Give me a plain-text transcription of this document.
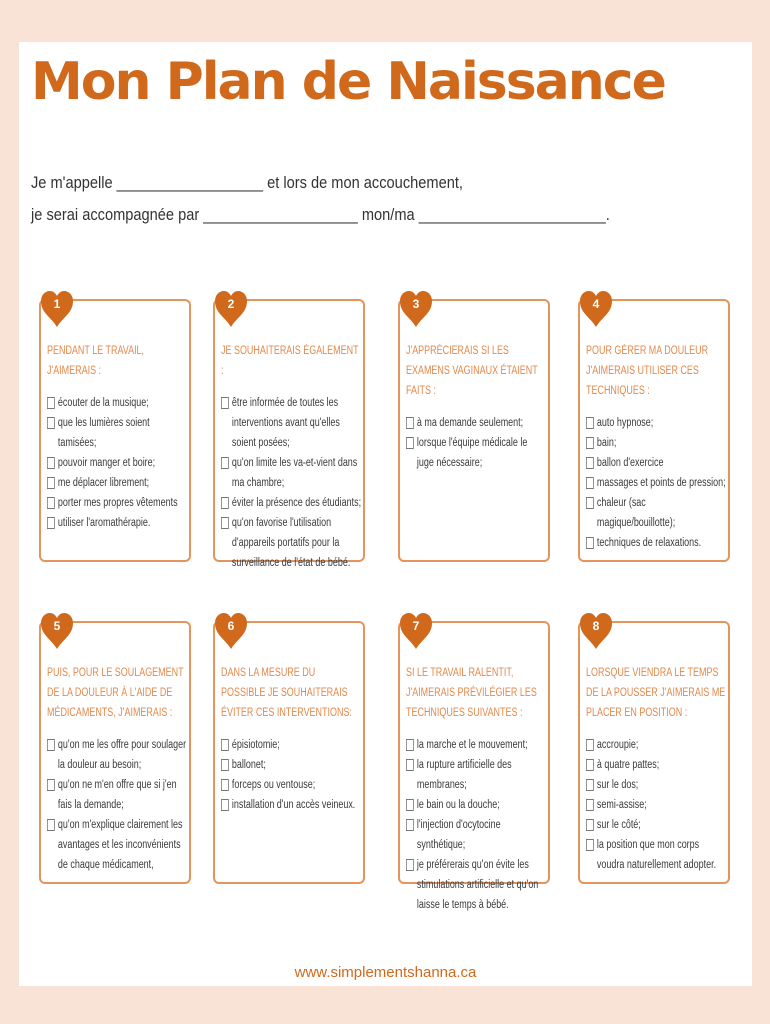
Mon Plan de Naissance
Je m'appelle __________________ et lors de mon accouchement,
je serai accompagnée par ___________________ mon/ma _______________________.
1
PENDANT LE TRAVAIL, J'AIMERAIS :
écouter de la musique;
que les lumières soient tamisées;
pouvoir manger et boire;
me déplacer librement;
porter mes propres vêtements
utiliser l'aromathérapie.
2
JE SOUHAITERAIS ÉGALEMENT :
être informée de toutes les interventions avant qu'elles soient posées;
qu'on limite les va-et-vient dans ma chambre;
éviter la présence des étudiants;
qu'on favorise l'utilisation d'appareils portatifs pour la surveillance de l'état de bébé.
3
J'APPRÉCIERAIS SI LES EXAMENS VAGINAUX ÉTAIENT FAITS :
à ma demande seulement;
lorsque l'équipe médicale le juge nécessaire;
4
POUR GÉRER MA DOULEUR J'AIMERAIS UTILISER CES TECHNIQUES :
auto hypnose;
bain;
ballon d'exercice
massages et points de pression;
chaleur (sac magique/bouillotte);
techniques de relaxations.
5
PUIS, POUR LE SOULAGEMENT DE LA DOULEUR À L'AIDE DE MÉDICAMENTS, J'AIMERAIS :
qu'on me les offre pour soulager la douleur au besoin;
qu'on ne m'en offre que si j'en fais la demande;
qu'on m'explique clairement les avantages et les inconvénients de chaque médicament,
6
DANS LA MESURE DU POSSIBLE JE SOUHAITERAIS ÉVITER CES INTERVENTIONS:
épisiotomie;
ballonet;
forceps ou ventouse;
installation d'un accès veineux.
7
SI LE TRAVAIL RALENTIT, J'AIMERAIS PRÉVILÉGIER LES TECHNIQUES SUIVANTES :
la marche et le mouvement;
la rupture artificielle des membranes;
le bain ou la douche;
l'injection d'ocytocine synthétique;
je préférerais qu'on évite les stimulations artificielle et qu'on laisse le temps à bébé.
8
LORSQUE VIENDRA LE TEMPS DE LA POUSSER J'AIMERAIS ME PLACER EN POSITION :
accroupie;
à quatre pattes;
sur le dos;
semi-assise;
sur le côté;
la position que mon corps voudra naturellement adopter.
www.simplementshanna.ca
